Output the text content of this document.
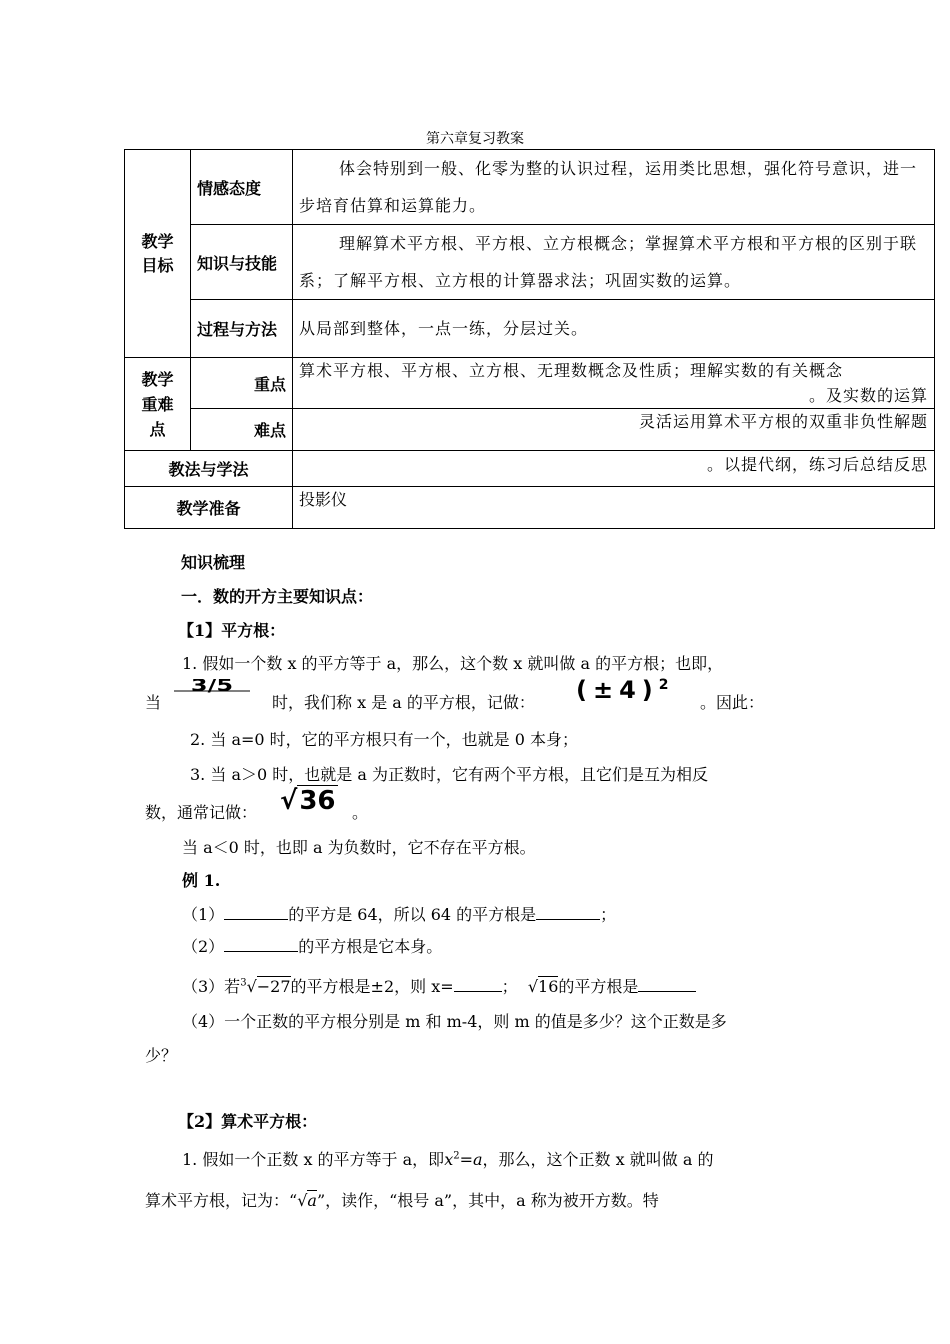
第六章复习教案
教学目标	情感态度	体会特别到一般、化零为整的认识过程，运用类比思想，强化符号意识，进一步培育估算和运算能力。
	知识与技能	理解算术平方根、平方根、立方根概念；掌握算术平方根和平方根的区别于联系；了解平方根、立方根的计算器求法；巩固实数的运算。
	过程与方法	从局部到整体，一点一练，分层过关。

教学重难点	重点	算术平方根、平方根、立方根、无理数概念及性质；理解实数的有关概念
。及实数的运算

	难点	灵活运用算术平方根的双重非负性解题
教法与学法		。以提代纲，练习后总结反思
教学准备		投影仪
知识梳理
一．数的开方主要知识点：
【1】平方根：
1. 假如一个数 x 的平方等于 a，那么，这个数 x 就叫做 a 的平方根；也即，
当
3/5
时，我们称 x 是 a 的平方根，记做： $(\pm 4)^2$
。因此：
2. 当 a=0 时，它的平方根只有一个，也就是 0 本身；
3. 当 a＞0 时，也就是 a 为正数时，它有两个平方根，且它们是互为相反
数，通常记做： √36 。
当 a＜0 时，也即 a 为负数时，它不存在平方根。
例 1.
（1）	的平方是 64，所以 64 的平方根是	；
（2）	的平方根是它本身。
（3）若$^3$√−27的平方根是±2，则 x=	； √16的平方根是
（4）一个正数的平方根分别是 m 和 m-4，则 m 的值是多少？这个正数是多
少？
【2】算术平方根：
1. 假如一个正数 x 的平方等于 a，即$x^2=a$，那么，这个正数 x 就叫做 a 的
算术平方根，记为：“√a”，读作，“根号 a”，其中，a 称为被开方数。特
